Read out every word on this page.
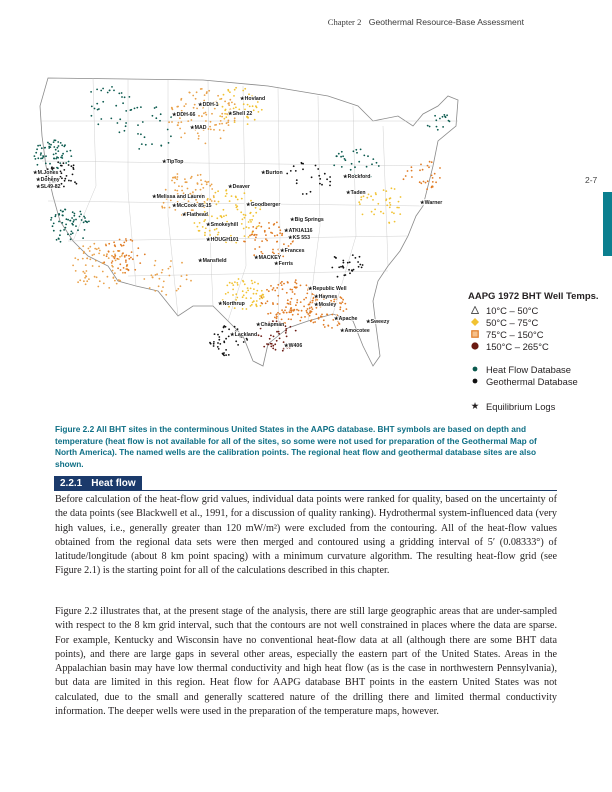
Chapter 2 Geothermal Resource-Base Assessment
2-7
★DDH-1
★Hovland
★DDH-66	★Shell 22
★MAD
★TipTop
★Burton
★M.Jones
★Doheny
★SL49-82
★Rockford
★Taden
★Deaver
★Melissa and Lauren
★Warner
★McCook 85-15	★Goodberger
★Flathead
★Big Springs
★Smokeyhill
★ATKIA116
★KS 553
★HOUGH101
★Frances
★MACKEY
★Mansfield	★Ferris
★Republic Well
★Haynes
★Mosley
★Northrup
★Chapman
★Apache ★Sweezy
★Amocotee
★Lackland
★W406
AAPG 1972 BHT Well Temps.
10°C – 50°C
50°C – 75°C
75°C – 150°C
150°C – 265°C
Heat Flow Database
Geothermal Database
★ Equilibrium Logs
Figure 2.2 All BHT sites in the conterminous United States in the AAPG database. BHT symbols are based on depth and temperature (heat flow is not available for all of the sites, so some were not used for preparation of the Geothermal Map of North America). The named wells are the calibration points. The regional heat flow and geothermal database sites are also shown.
2.2.1 Heat flow

Before calculation of the heat-flow grid values, individual data points were ranked for quality, based on the uncertainty of the data points (see Blackwell et al., 1991, for a discussion of quality ranking). Hydrothermal system-influenced data (very high values, i.e., generally greater than 120 mW/m²) were excluded from the contouring. All of the heat-flow values obtained from the regional data sets were then merged and contoured using a gridding interval of 5′ (0.08333°) of latitude/longitude (about 8 km point spacing) with a minimum curvature algorithm. The resulting heat-flow grid (see Figure 2.1) is the starting point for all of the calculations described in this chapter.

Figure 2.2 illustrates that, at the present stage of the analysis, there are still large geographic areas that are under-sampled with respect to the 8 km grid interval, such that the contours are not well constrained in places where the data are sparse. For example, Kentucky and Wisconsin have no conventional heat-flow data at all (although there are some BHT data points), and there are large gaps in several other areas, especially the eastern part of the United States. Areas in the Appalachian basin may have low thermal conductivity and high heat flow (as is the case in northwestern Pennsylvania), but data are limited in this region. Heat flow for AAPG database BHT points in the eastern United States was not calculated, due to the small and generally scattered nature of the drilling there and limited thermal conductivity information. The deeper wells were used in the preparation of the temperature maps, however.
